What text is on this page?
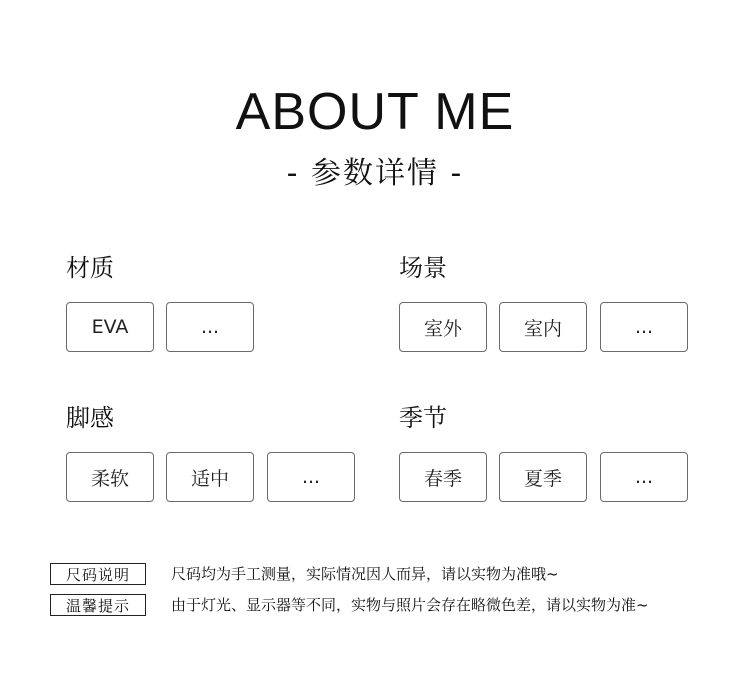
ABOUT ME
- 参数详情 -
材质
EVA	...
场景
室外	室内	...
脚感
柔软	适中	...
季节
春季	夏季	...
尺码说明	尺码均为手工测量，实际情况因人而异，请以实物为准哦~
温馨提示	由于灯光、显示器等不同，实物与照片会存在略微色差，请以实物为准~
